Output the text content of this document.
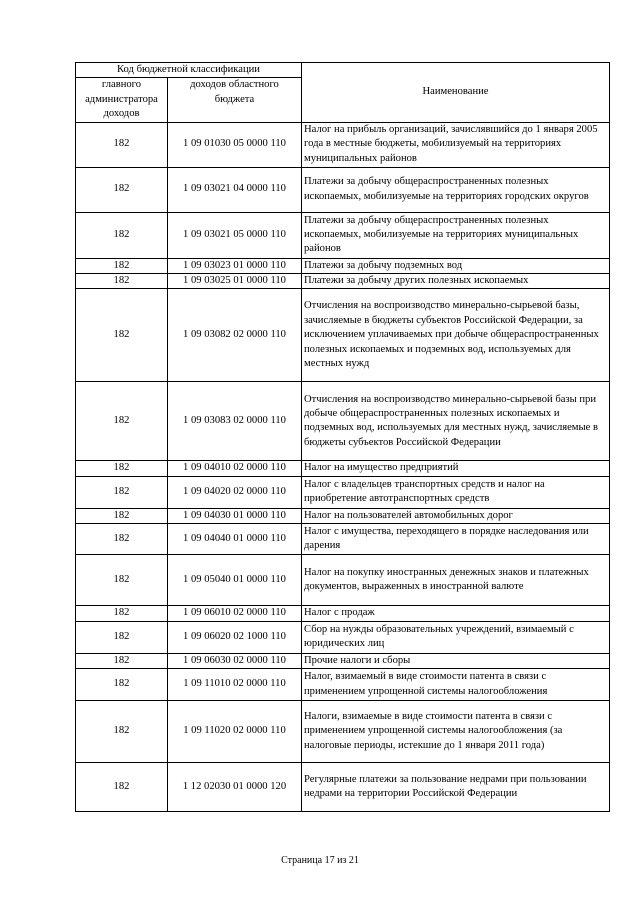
Код бюджетной классификации		Наименование
главного администратора доходов	доходов областного бюджета	
182	1 09 01030 05 0000 110	Налог на прибыль организаций, зачислявшийся до 1 января 2005 года в местные бюджеты, мобилизуемый на территориях муниципальных районов
182	1 09 03021 04 0000 110	Платежи за добычу общераспространенных полезных ископаемых, мобилизуемые на территориях городских округов
182	1 09 03021 05 0000 110	Платежи за добычу общераспространенных полезных ископаемых, мобилизуемые на территориях муниципальных районов
182	1 09 03023 01 0000 110	Платежи за добычу подземных вод
182	1 09 03025 01 0000 110	Платежи за добычу других полезных ископаемых
182	1 09 03082 02 0000 110	Отчисления на воспроизводство минерально-сырьевой базы, зачисляемые в бюджеты субъектов Российской Федерации, за исключением уплачиваемых при добыче общераспространенных полезных ископаемых и подземных вод, используемых для местных нужд
182	1 09 03083 02 0000 110	Отчисления на воспроизводство минерально-сырьевой базы при добыче общераспространенных полезных ископаемых и подземных вод, используемых для местных нужд, зачисляемые в бюджеты субъектов Российской Федерации
182	1 09 04010 02 0000 110	Налог на имущество предприятий
182	1 09 04020 02 0000 110	Налог с владельцев транспортных средств и налог на приобретение автотранспортных средств
182	1 09 04030 01 0000 110	Налог на пользователей автомобильных дорог
182	1 09 04040 01 0000 110	Налог с имущества, переходящего в порядке наследования или дарения
182	1 09 05040 01 0000 110	Налог на покупку иностранных денежных знаков и платежных документов, выраженных в иностранной валюте
182	1 09 06010 02 0000 110	Налог с продаж
182	1 09 06020 02 1000 110	Сбор на нужды образовательных учреждений, взимаемый с юридических лиц
182	1 09 06030 02 0000 110	Прочие налоги и сборы
182	1 09 11010 02 0000 110	Налог, взимаемый в виде стоимости патента в связи с применением упрощенной системы налогообложения
182	1 09 11020 02 0000 110	Налоги, взимаемые в виде стоимости патента в связи с применением упрощенной системы налогообложения (за налоговые периоды, истекшие до 1 января 2011 года)
182	1 12 02030 01 0000 120	Регулярные платежи за пользование недрами при пользовании недрами на территории Российской Федерации
Страница 17 из 21
